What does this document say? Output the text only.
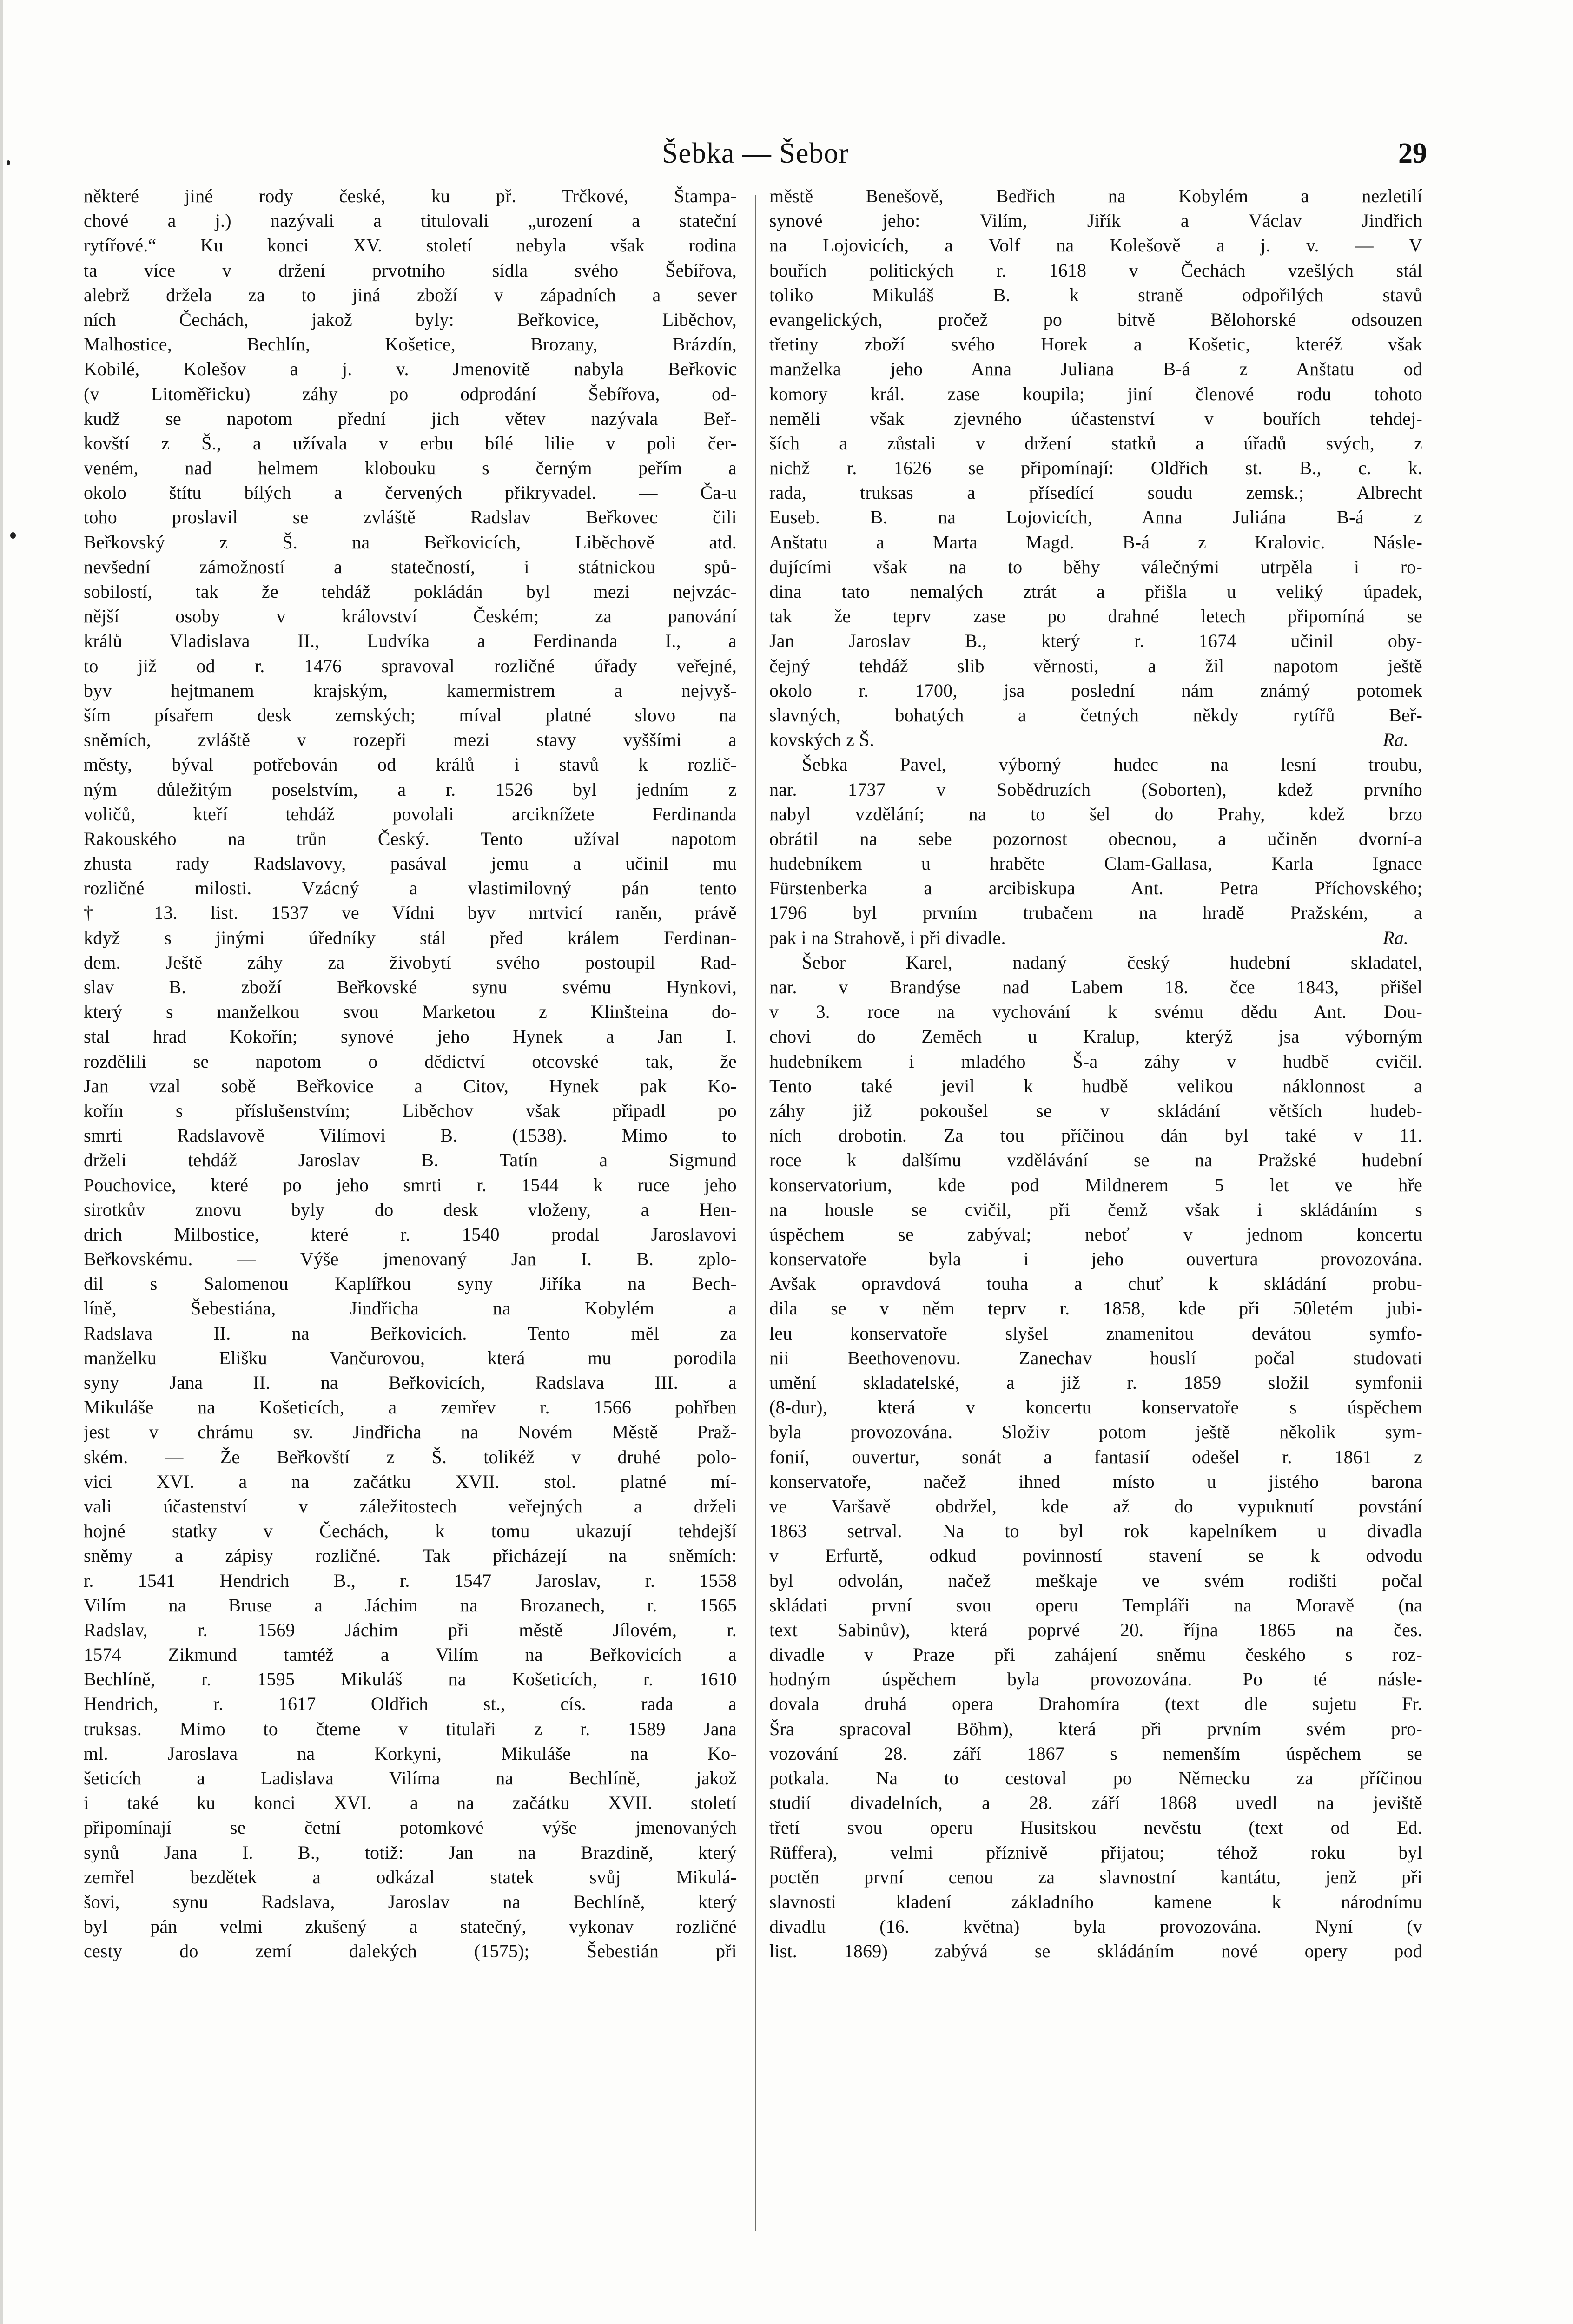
Šebka — Šebor	29
některé jiné rody české, ku př. Trčkové, Štampa-
chové a j.) nazývali a titulovali „urození a stateční
rytířové.“ Ku konci XV. století nebyla však rodina
ta více v držení prvotního sídla svého Šebířova,
alebrž držela za to jiná zboží v západních a sever
ních Čechách, jakož byly: Beřkovice, Liběchov,
Malhostice, Bechlín, Košetice, Brozany, Brázdín,
Kobilé, Kolešov a j. v. Jmenovitě nabyla Beřkovic
(v Litoměřicku) záhy po odprodání Šebířova, od-
kudž se napotom přední jich větev nazývala Beř-
kovští z Š., a užívala v erbu bílé lilie v poli čer-
veném, nad helmem klobouku s černým peřím a
okolo štítu bílých a červených přikryvadel. — Ča-u
toho proslavil se zvláště Radslav Beřkovec čili
Beřkovský z Š. na Beřkovicích, Liběchově atd.
nevšední zámožností a statečností, i státnickou spů-
sobilostí, tak že tehdáž pokládán byl mezi nejvzác-
nější osoby v království Českém; za panování
králů Vladislava II., Ludvíka a Ferdinanda I., a
to již od r. 1476 spravoval rozličné úřady veřejné,
byv hejtmanem krajským, kamermistrem a nejvyš-
ším písařem desk zemských; míval platné slovo na
sněmích, zvláště v rozepři mezi stavy vyššími a
městy, býval potřebován od králů i stavů k rozlič-
ným důležitým poselstvím, a r. 1526 byl jedním z
voličů, kteří tehdáž povolali arciknížete Ferdinanda
Rakouského na trůn Český. Tento užíval napotom
zhusta rady Radslavovy, pasával jemu a učinil mu
rozličné milosti. Vzácný a vlastimilovný pán tento
† 13. list. 1537 ve Vídni byv mrtvicí raněn, právě
když s jinými úředníky stál před králem Ferdinan-
dem. Ještě záhy za živobytí svého postoupil Rad-
slav B. zboží Beřkovské synu svému Hynkovi,
který s manželkou svou Marketou z Klinšteina do-
stal hrad Kokořín; synové jeho Hynek a Jan I.
rozdělili se napotom o dědictví otcovské tak, že
Jan vzal sobě Beřkovice a Citov, Hynek pak Ko-
kořín s příslušenstvím; Liběchov však připadl po
smrti Radslavově Vilímovi B. (1538). Mimo to
drželi tehdáž Jaroslav B. Tatín a Sigmund
Pouchovice, které po jeho smrti r. 1544 k ruce jeho
sirotkův znovu byly do desk vloženy, a Hen-
drich Milbostice, které r. 1540 prodal Jaroslavovi
Beřkovskému. — Výše jmenovaný Jan I. B. zplo-
dil s Salomenou Kaplířkou syny Jiříka na Bech-
líně, Šebestiána, Jindřicha na Kobylém a
Radslava II. na Beřkovicích. Tento měl za
manželku Elišku Vančurovou, která mu porodila
syny Jana II. na Beřkovicích, Radslava III. a
Mikuláše na Košeticích, a zemřev r. 1566 pohřben
jest v chrámu sv. Jindřicha na Novém Městě Praž-
ském. — Že Beřkovští z Š. tolikéž v druhé polo-
vici XVI. a na začátku XVII. stol. platné mí-
vali účastenství v záležitostech veřejných a drželi
hojné statky v Čechách, k tomu ukazují tehdejší
sněmy a zápisy rozličné. Tak přicházejí na sněmích:
r. 1541 Hendrich B., r. 1547 Jaroslav, r. 1558
Vilím na Bruse a Jáchim na Brozanech, r. 1565
Radslav, r. 1569 Jáchim při městě Jílovém, r.
1574 Zikmund tamtéž a Vilím na Beřkovicích a
Bechlíně, r. 1595 Mikuláš na Košeticích, r. 1610
Hendrich, r. 1617 Oldřich st., cís. rada a
truksas. Mimo to čteme v titulaři z r. 1589 Jana
ml. Jaroslava na Korkyni, Mikuláše na Ko-
šeticích a Ladislava Vilíma na Bechlíně, jakož
i také ku konci XVI. a na začátku XVII. století
připomínají se četní potomkové výše jmenovaných
synů Jana I. B., totiž: Jan na Brazdině, který
zemřel bezdětek a odkázal statek svůj Mikulá-
šovi, synu Radslava, Jaroslav na Bechlíně, který
byl pán velmi zkušený a statečný, vykonav rozličné
cesty do zemí dalekých (1575); Šebestián při
městě Benešově, Bedřich na Kobylém a nezletilí
synové jeho: Vilím, Jiřík a Václav Jindřich
na Lojovicích, a Volf na Kolešově a j. v. — V
bouřích politických r. 1618 v Čechách vzešlých stál
toliko Mikuláš B. k straně odpořilých stavů
evangelických, pročež po bitvě Bělohorské odsouzen
třetiny zboží svého Horek a Košetic, kteréž však
manželka jeho Anna Juliana B-á z Anštatu od
komory král. zase koupila; jiní členové rodu tohoto
neměli však zjevného účastenství v bouřích tehdej-
ších a zůstali v držení statků a úřadů svých, z
nichž r. 1626 se připomínají: Oldřich st. B., c. k.
rada, truksas a přísedící soudu zemsk.; Albrecht
Euseb. B. na Lojovicích, Anna Juliána B-á z
Anštatu a Marta Magd. B-á z Kralovic. Násle-
dujícími však na to běhy válečnými utrpěla i ro-
dina tato nemalých ztrát a přišla u veliký úpadek,
tak že teprv zase po drahné letech připomíná se
Jan Jaroslav B., který r. 1674 učinil oby-
čejný tehdáž slib věrnosti, a žil napotom ještě
okolo r. 1700, jsa poslední nám známý potomek
slavných, bohatých a četných někdy rytířů Beř-
kovských z Š.	Ra.
Šebka Pavel, výborný hudec na lesní troubu,
nar. 1737 v Sobědruzích (Soborten), kdež prvního
nabyl vzdělání; na to šel do Prahy, kdež brzo
obrátil na sebe pozornost obecnou, a učiněn dvorní-a
hudebníkem u hraběte Clam-Gallasa, Karla Ignace
Fürstenberka a arcibiskupa Ant. Petra Příchovského;
1796 byl prvním trubačem na hradě Pražském, a
pak i na Strahově, i při divadle.	Ra.
Šebor Karel, nadaný český hudební skladatel,
nar. v Brandýse nad Labem 18. čce 1843, přišel
v 3. roce na vychování k svému dědu Ant. Dou-
chovi do Zeměch u Kralup, kterýž jsa výborným
hudebníkem i mladého Š-a záhy v hudbě cvičil.
Tento také jevil k hudbě velikou náklonnost a
záhy již pokoušel se v skládání větších hudeb-
ních drobotin. Za tou příčinou dán byl také v 11.
roce k dalšímu vzdělávání se na Pražské hudební
konservatorium, kde pod Mildnerem 5 let ve hře
na housle se cvičil, při čemž však i skládáním s
úspěchem se zabýval; neboť v jednom koncertu
konservatoře byla i jeho ouvertura provozována.
Avšak opravdová touha a chuť k skládání probu-
dila se v něm teprv r. 1858, kde při 50letém jubi-
leu konservatoře slyšel znamenitou devátou symfo-
nii Beethovenovu. Zanechav houslí počal studovati
umění skladatelské, a již r. 1859 složil symfonii
(8-dur), která v koncertu konservatoře s úspěchem
byla provozována. Složiv potom ještě několik sym-
fonií, ouvertur, sonát a fantasií odešel r. 1861 z
konservatoře, načež ihned místo u jistého barona
ve Varšavě obdržel, kde až do vypuknutí povstání
1863 setrval. Na to byl rok kapelníkem u divadla
v Erfurtě, odkud povinností stavení se k odvodu
byl odvolán, načež meškaje ve svém rodišti počal
skládati první svou operu Templáři na Moravě (na
text Sabinův), která poprvé 20. října 1865 na čes.
divadle v Praze při zahájení sněmu českého s roz-
hodným úspěchem byla provozována. Po té násle-
dovala druhá opera Drahomíra (text dle sujetu Fr.
Šra spracoval Böhm), která při prvním svém pro-
vozování 28. září 1867 s nemenším úspěchem se
potkala. Na to cestoval po Německu za příčinou
studií divadelních, a 28. září 1868 uvedl na jeviště
třetí svou operu Husitskou nevěstu (text od Ed.
Rüffera), velmi příznivě přijatou; téhož roku byl
poctěn první cenou za slavnostní kantátu, jenž při
slavnosti kladení základního kamene k národnímu
divadlu (16. května) byla provozována. Nyní (v
list. 1869) zabývá se skládáním nové opery pod
